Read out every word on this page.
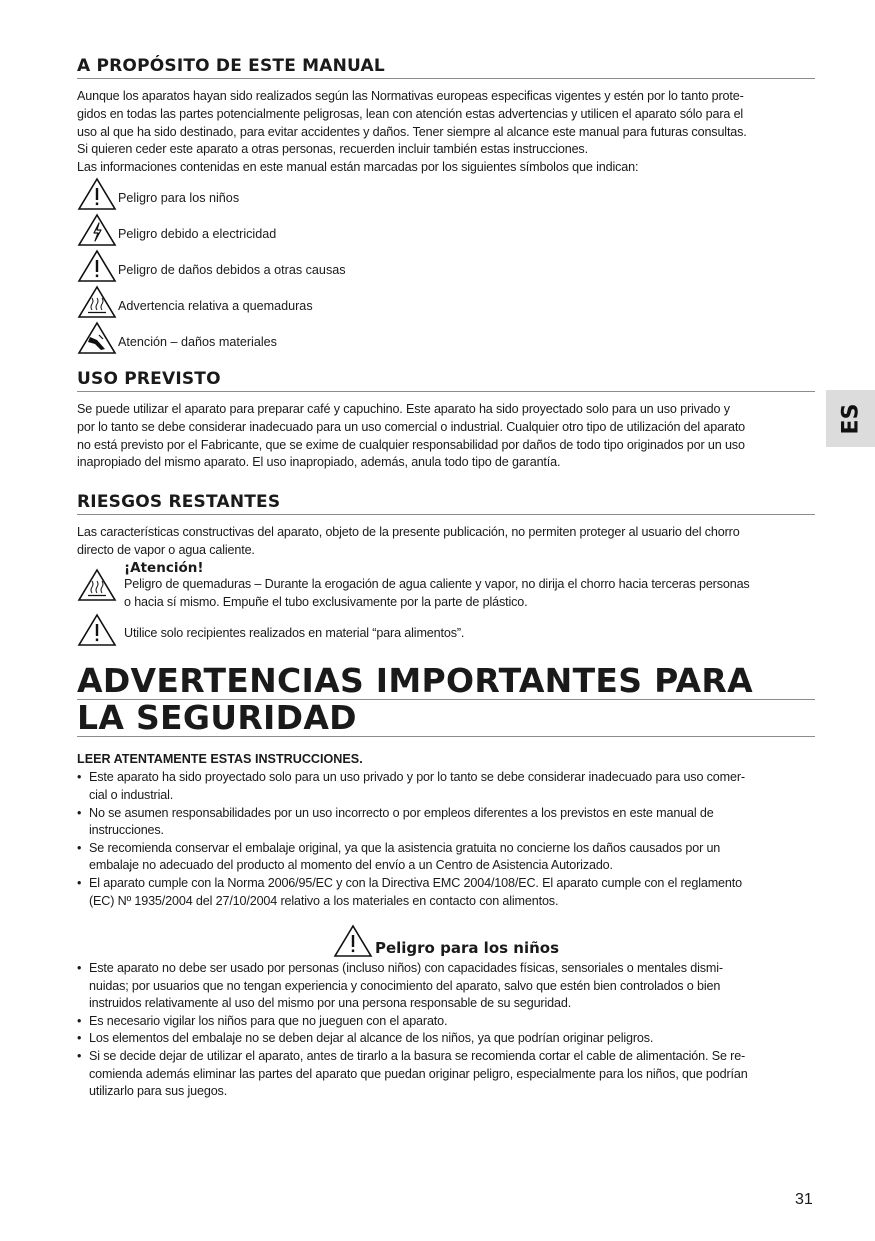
A PROPÓSITO DE ESTE MANUAL
Aunque los aparatos hayan sido realizados según las Normativas europeas especificas vigentes y estén por lo tanto prote-
gidos en todas las partes potencialmente peligrosas, lean con atención estas advertencias y utilicen el aparato sólo para el
uso al que ha sido destinado, para evitar accidentes y daños. Tener siempre al alcance este manual para futuras consultas.
Si quieren ceder este aparato a otras personas, recuerden incluir también estas instrucciones.
Las informaciones contenidas en este manual están marcadas por los siguientes símbolos que indican:
Peligro para los niños
Peligro debido a electricidad
Peligro de daños debidos a otras causas
Advertencia relativa a quemaduras
Atención – daños materiales
USO PREVISTO
Se puede utilizar el aparato para preparar café y capuchino. Este aparato ha sido proyectado solo para un uso privado y
por lo tanto se debe considerar inadecuado para un uso comercial o industrial. Cualquier otro tipo de utilización del aparato
no está previsto por el Fabricante, que se exime de cualquier responsabilidad por daños de todo tipo originados por un uso
inapropiado del mismo aparato. El uso inapropiado, además, anula todo tipo de garantía.
RIESGOS RESTANTES
Las características constructivas del aparato, objeto de la presente publicación, no permiten proteger al usuario del chorro
directo de vapor o agua caliente.
¡Atención!
Peligro de quemaduras – Durante la erogación de agua caliente y vapor, no dirija el chorro hacia terceras personas
o hacia sí mismo. Empuñe el tubo exclusivamente por la parte de plástico.
Utilice solo recipientes realizados en material “para alimentos”.
ADVERTENCIAS IMPORTANTES PARA
LA SEGURIDAD
LEER ATENTAMENTE ESTAS INSTRUCCIONES.
• Este aparato ha sido proyectado solo para un uso privado y por lo tanto se debe considerar inadecuado para uso comer-
cial o industrial.
• No se asumen responsabilidades por un uso incorrecto o por empleos diferentes a los previstos en este manual de
instrucciones.
• Se recomienda conservar el embalaje original, ya que la asistencia gratuita no concierne los daños causados por un
embalaje no adecuado del producto al momento del envío a un Centro de Asistencia Autorizado.
• El aparato cumple con la Norma 2006/95/EC y con la Directiva EMC 2004/108/EC. El aparato cumple con el reglamento
(EC) Nº 1935/2004 del 27/10/2004 relativo a los materiales en contacto con alimentos.
Peligro para los niños
• Este aparato no debe ser usado por personas (incluso niños) con capacidades físicas, sensoriales o mentales dismi-
nuidas; por usuarios que no tengan experiencia y conocimiento del aparato, salvo que estén bien controlados o bien
instruidos relativamente al uso del mismo por una persona responsable de su seguridad.
• Es necesario vigilar los niños para que no jueguen con el aparato.
• Los elementos del embalaje no se deben dejar al alcance de los niños, ya que podrían originar peligros.
• Si se decide dejar de utilizar el aparato, antes de tirarlo a la basura se recomienda cortar el cable de alimentación. Se re-
comienda además eliminar las partes del aparato que puedan originar peligro, especialmente para los niños, que podrían
utilizarlo para sus juegos.
ES
31
